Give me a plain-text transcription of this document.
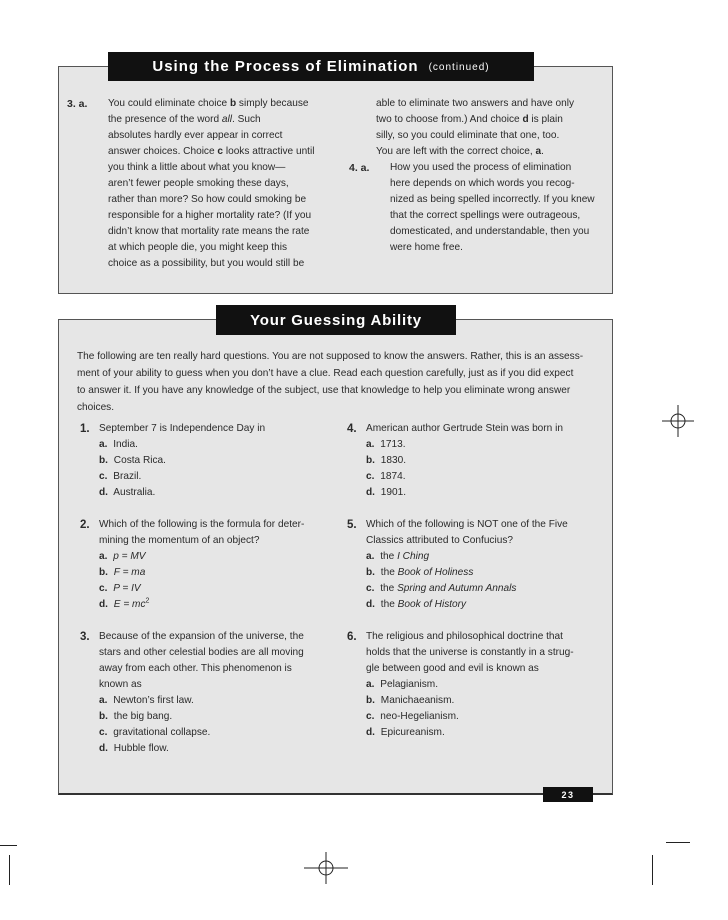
Using the Process of Elimination (continued)
3. a. You could eliminate choice b simply because

the presence of the word all. Such

absolutes hardly ever appear in correct

answer choices. Choice c looks attractive until

you think a little about what you know—

aren’t fewer people smoking these days,

rather than more? So how could smoking be

responsible for a higher mortality rate? (If you

didn’t know that mortality rate means the rate

at which people die, you might keep this

choice as a possibility, but you would still be

able to eliminate two answers and have only

two to choose from.) And choice d is plain

silly, so you could eliminate that one, too.

You are left with the correct choice, a.

4. a. How you used the process of elimination

here depends on which words you recog-

nized as being spelled incorrectly. If you knew

that the correct spellings were outrageous,

domesticated, and understandable, then you

were home free.

Your Guessing Ability

The following are ten really hard questions. You are not supposed to know the answers. Rather, this is an assess-

ment of your ability to guess when you don’t have a clue. Read each question carefully, just as if you did expect

to answer it. If you have any knowledge of the subject, use that knowledge to help you eliminate wrong answer

choices.

1. September 7 is Independence Day in

a. India.

b. Costa Rica.

c. Brazil.

d. Australia.

2. Which of the following is the formula for deter-

mining the momentum of an object?

a. p = MV

b. F = ma

c. P = IV

d. $E = mc^2$

3. Because of the expansion of the universe, the

stars and other celestial bodies are all moving

away from each other. This phenomenon is

known as

a. Newton’s first law.

b. the big bang.

c. gravitational collapse.

d. Hubble flow.

4. American author Gertrude Stein was born in

a. 1713.

b. 1830.

c. 1874.

d. 1901.

5. Which of the following is NOT one of the Five

Classics attributed to Confucius?

a. the I Ching

b. the Book of Holiness

c. the Spring and Autumn Annals

d. the Book of History

6. The religious and philosophical doctrine that

holds that the universe is constantly in a strug-

gle between good and evil is known as

a. Pelagianism.

b. Manichaeanism.

c. neo-Hegelianism.

d. Epicureanism.

23
